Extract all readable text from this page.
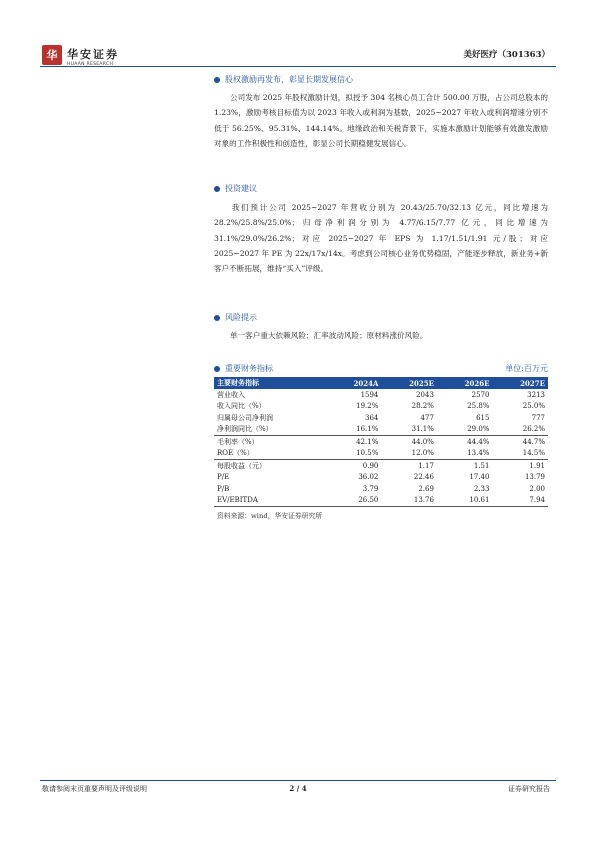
华 华安证券
HUAAN RESEARCH
美好医疗（301363）
股权激励再发布，彰显长期发展信心
公司发布 2025 年股权激励计划，拟授予 304 名核心员工合计 500.00 万股，占公司总股本的 1.23%，激励考核目标值为以 2023 年收入或利润为基数，2025~2027 年收入或利润增速分别不低于 56.25%、95.31%、144.14%。地缘政治和关税背景下，实施本激励计划能够有效激发激励对象的工作积极性和创造性，彰显公司长期稳健发展信心。
投资建议
我们预计公司 2025~2027 年营收分别为 20.43/25.70/32.13 亿元，同比增速为 28.2%/25.8%/25.0%；归母净利润分别为 4.77/6.15/7.77 亿元，同比增速为 31.1%/29.0%/26.2%；对应 2025~2027 年 EPS 为 1.17/1.51/1.91 元/股；对应 2025~2027 年 PE 为 22x/17x/14x。考虑到公司核心业务优势稳固，产能逐步释放，新业务+新客户不断拓展，维持“买入”评级。
风险提示
单一客户重大依赖风险；汇率波动风险；原材料涨价风险。
重要财务指标	单位:百万元
主要财务指标	2024A	2025E	2026E	2027E
营业收入	1594	2043	2570	3213
收入同比（%）	19.2%	28.2%	25.8%	25.0%
归属母公司净利润	364	477	615	777
净利润同比（%）	16.1%	31.1%	29.0%	26.2%
毛利率（%）	42.1%	44.0%	44.4%	44.7%
ROE（%）	10.5%	12.0%	13.4%	14.5%
每股收益（元）	0.90	1.17	1.51	1.91
P/E	36.02	22.46	17.40	13.79
P/B	3.79	2.69	2.33	2.00
EV/EBITDA	26.50	13.76	10.61	7.94
资料来源：wind，华安证券研究所
敬请参阅末页重要声明及评级说明	2 / 4	证券研究报告
